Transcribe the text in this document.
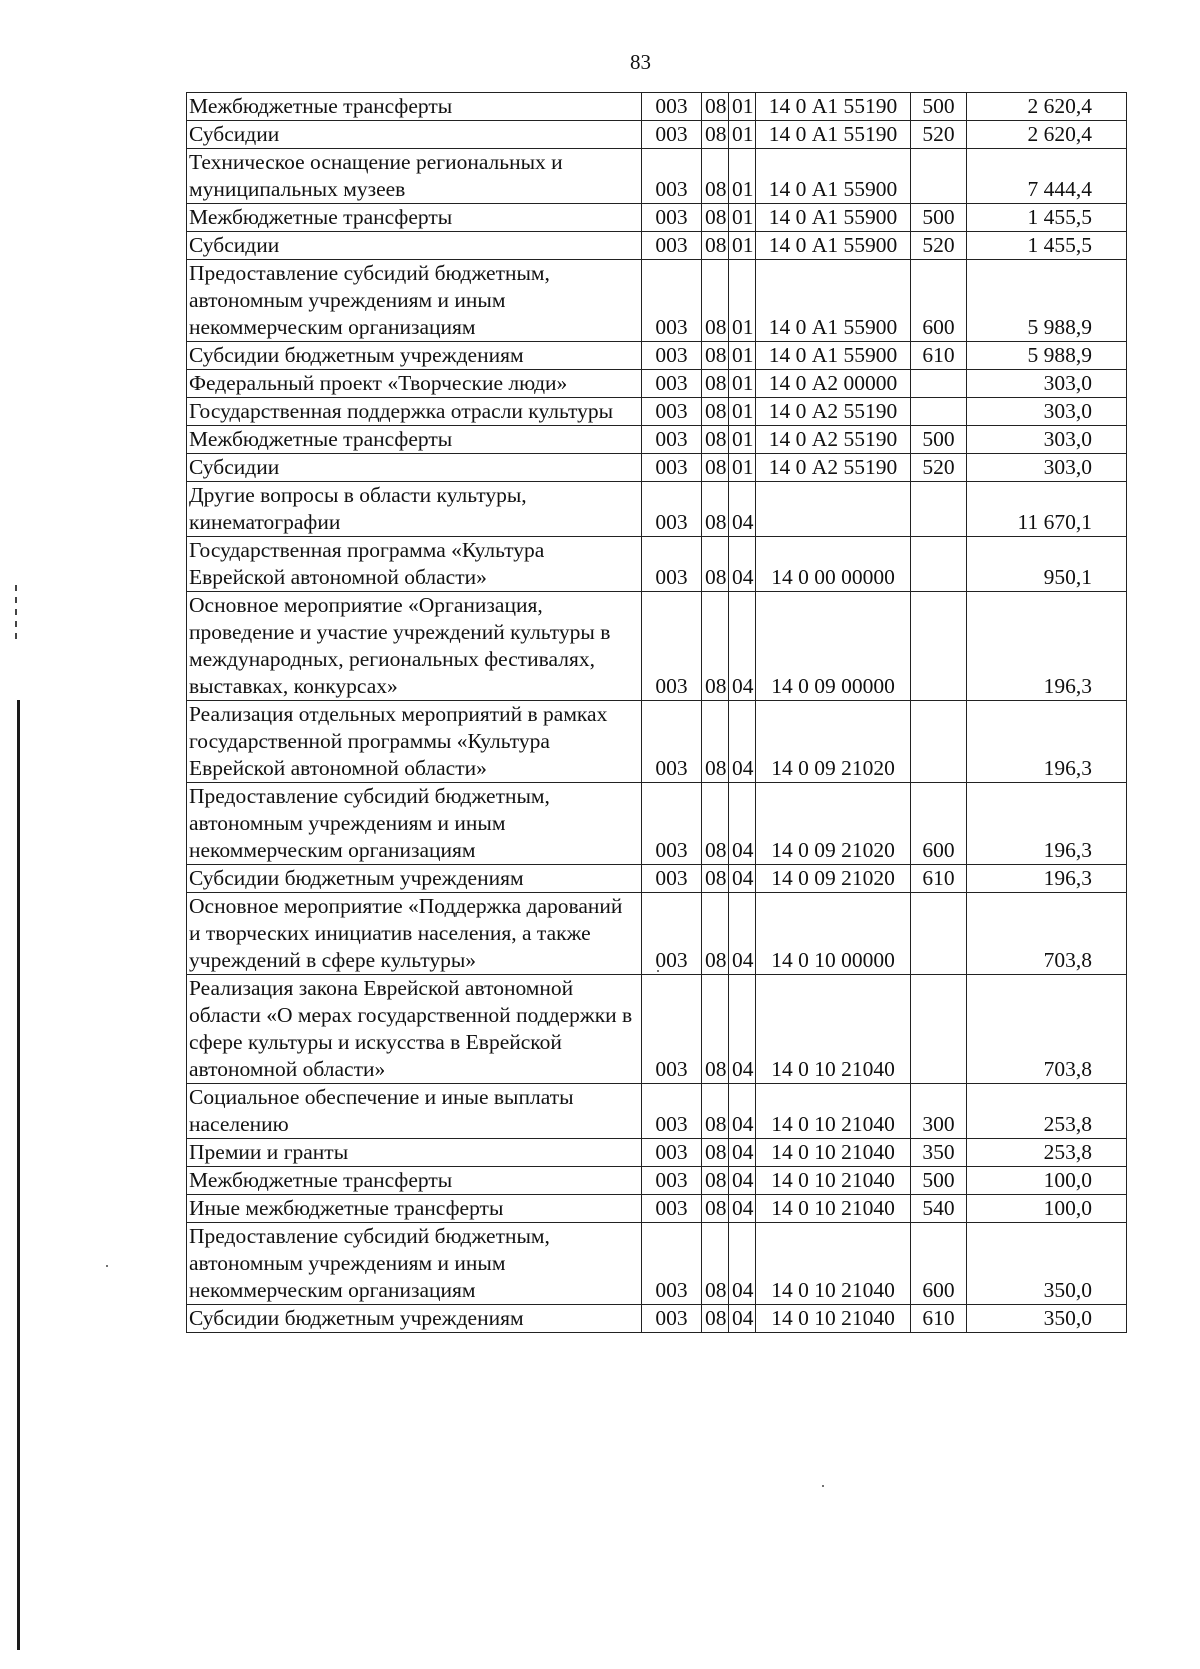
83
Межбюджетные трансферты	003	08	01	14 0 А1 55190	500	2 620,4
Субсидии	003	08	01	14 0 А1 55190	520	2 620,4
Техническое оснащение региональных и муниципальных музеев	003	08	01	14 0 А1 55900		7 444,4
Межбюджетные трансферты	003	08	01	14 0 А1 55900	500	1 455,5
Субсидии	003	08	01	14 0 А1 55900	520	1 455,5
Предоставление субсидий бюджетным, автономным учреждениям и иным некоммерческим организациям	003	08	01	14 0 А1 55900	600	5 988,9
Субсидии бюджетным учреждениям	003	08	01	14 0 А1 55900	610	5 988,9
Федеральный проект «Творческие люди»	003	08	01	14 0 А2 00000		303,0
Государственная поддержка отрасли культуры	003	08	01	14 0 А2 55190		303,0
Межбюджетные трансферты	003	08	01	14 0 А2 55190	500	303,0
Субсидии	003	08	01	14 0 А2 55190	520	303,0
Другие вопросы в области культуры, кинематографии	003	08	04			11 670,1
Государственная программа «Культура Еврейской автономной области»	003	08	04	14 0 00 00000		950,1
Основное мероприятие «Организация, проведение и участие учреждений культуры в международных, региональных фестивалях, выставках, конкурсах»	003	08	04	14 0 09 00000		196,3
Реализация отдельных мероприятий в рамках государственной программы «Культура Еврейской автономной области»	003	08	04	14 0 09 21020		196,3
Предоставление субсидий бюджетным, автономным учреждениям и иным некоммерческим организациям	003	08	04	14 0 09 21020	600	196,3
Субсидии бюджетным учреждениям	003	08	04	14 0 09 21020	610	196,3
Основное мероприятие «Поддержка дарований и творческих инициатив населения, а также учреждений в сфере культуры»	003	08	04	14 0 10 00000		703,8
Реализация закона Еврейской автономной области «О мерах государственной поддержки в сфере культуры и искусства в Еврейской автономной области»	003	08	04	14 0 10 21040		703,8
Социальное обеспечение и иные выплаты населению	003	08	04	14 0 10 21040	300	253,8
Премии и гранты	003	08	04	14 0 10 21040	350	253,8
Межбюджетные трансферты	003	08	04	14 0 10 21040	500	100,0
Иные межбюджетные трансферты	003	08	04	14 0 10 21040	540	100,0
Предоставление субсидий бюджетным, автономным учреждениям и иным некоммерческим организациям	003	08	04	14 0 10 21040	600	350,0
Субсидии бюджетным учреждениям	003	08	04	14 0 10 21040	610	350,0
